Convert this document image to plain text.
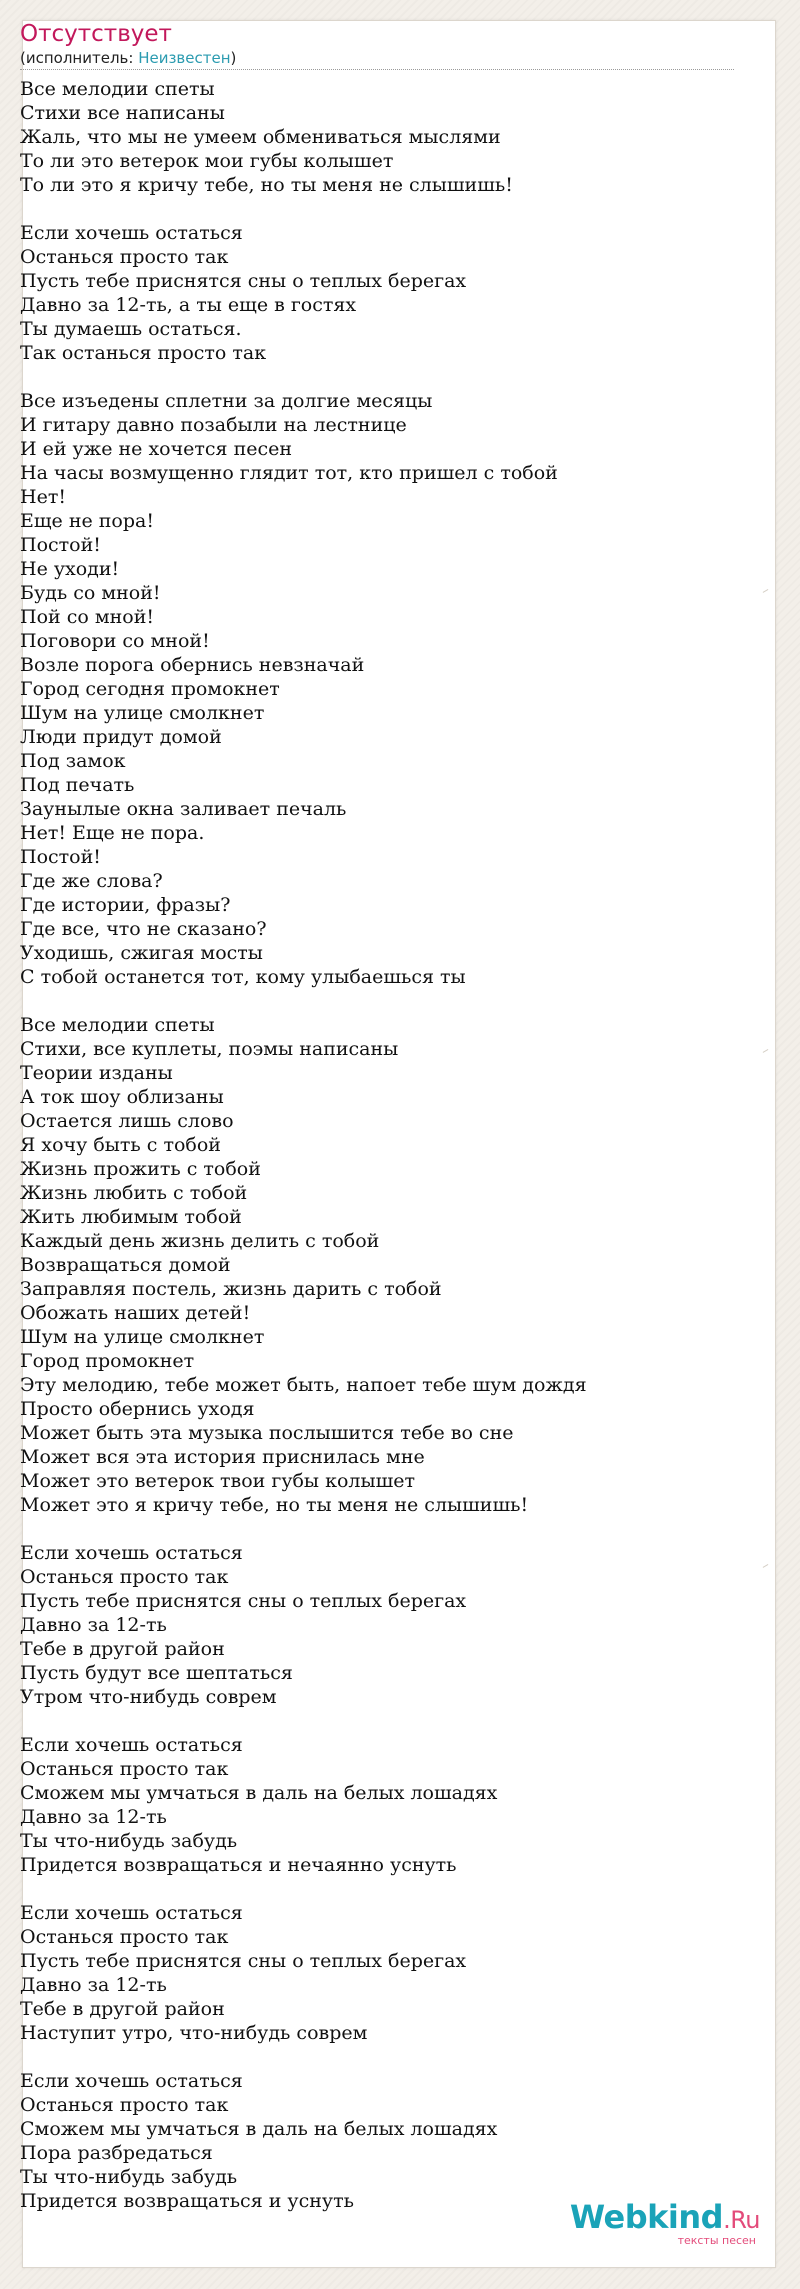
Отсутствует
(исполнитель: Неизвестен)
Все мелодии спеты
Стихи все написаны
Жаль, что мы не умеем обмениваться мыслями
То ли это ветерок мои губы колышет
То ли это я кричу тебе, но ты меня не слышишь!
Если хочешь остаться
Останься просто так
Пусть тебе приснятся сны о теплых берегах
Давно за 12-ть, а ты еще в гостях
Ты думаешь остаться.
Так останься просто так
Все изъедены сплетни за долгие месяцы
И гитару давно позабыли на лестнице
И ей уже не хочется песен
На часы возмущенно глядит тот, кто пришел с тобой
Нет!
Еще не пора!
Постой!
Не уходи!
Будь со мной!
Пой со мной!
Поговори со мной!
Возле порога обернись невзначай
Город сегодня промокнет
Шум на улице смолкнет
Люди придут домой
Под замок
Под печать
Заунылые окна заливает печаль
Нет! Еще не пора.
Постой!
Где же слова?
Где истории, фразы?
Где все, что не сказано?
Уходишь, сжигая мосты
С тобой останется тот, кому улыбаешься ты
Все мелодии спеты
Стихи, все куплеты, поэмы написаны
Теории изданы
А ток шоу облизаны
Остается лишь слово
Я хочу быть с тобой
Жизнь прожить с тобой
Жизнь любить с тобой
Жить любимым тобой
Каждый день жизнь делить с тобой
Возвращаться домой
Заправляя постель, жизнь дарить с тобой
Обожать наших детей!
Шум на улице смолкнет
Город промокнет
Эту мелодию, тебе может быть, напоет тебе шум дождя
Просто обернись уходя
Может быть эта музыка послышится тебе во сне
Может вся эта история приснилась мне
Может это ветерок твои губы колышет
Может это я кричу тебе, но ты меня не слышишь!
Если хочешь остаться
Останься просто так
Пусть тебе приснятся сны о теплых берегах
Давно за 12-ть
Тебе в другой район
Пусть будут все шептаться
Утром что-нибудь соврем
Если хочешь остаться
Останься просто так
Сможем мы умчаться в даль на белых лошадях
Давно за 12-ть
Ты что-нибудь забудь
Придется возвращаться и нечаянно уснуть
Если хочешь остаться
Останься просто так
Пусть тебе приснятся сны о теплых берегах
Давно за 12-ть
Тебе в другой район
Наступит утро, что-нибудь соврем
Если хочешь остаться
Останься просто так
Сможем мы умчаться в даль на белых лошадях
Пора разбредаться
Ты что-нибудь забудь
Придется возвращаться и уснуть	Webkind.Ru
тексты песен
